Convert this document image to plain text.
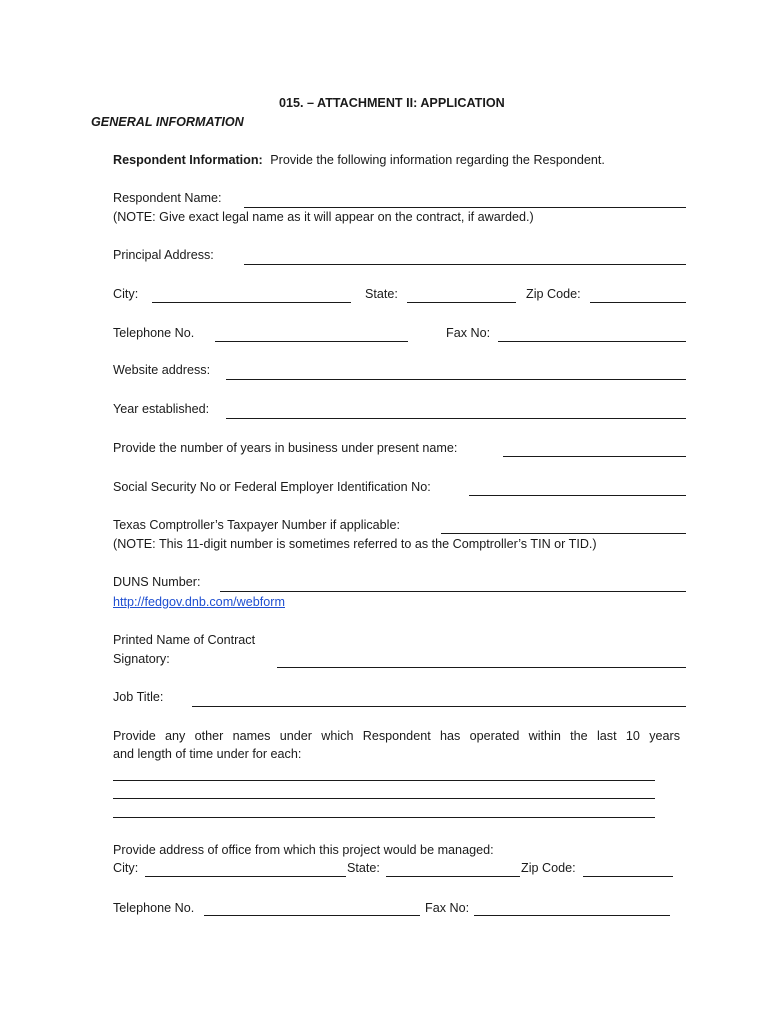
015. – ATTACHMENT II: APPLICATION
GENERAL INFORMATION
Respondent Information: Provide the following information regarding the Respondent.
Respondent Name:
(NOTE: Give exact legal name as it will appear on the contract, if awarded.)
Principal Address:
City:	State:	Zip Code:
Telephone No.	Fax No:
Website address:
Year established:
Provide the number of years in business under present name:
Social Security No or Federal Employer Identification No:
Texas Comptroller’s Taxpayer Number if applicable:
(NOTE: This 11-digit number is sometimes referred to as the Comptroller’s TIN or TID.)
DUNS Number:
http://fedgov.dnb.com/webform
Printed Name of Contract
Signatory:
Job Title:
Provide any other names under which Respondent has operated within the last 10 years
and length of time under for each:
Provide address of office from which this project would be managed:
City:	State:	Zip Code:
Telephone No.	Fax No:
